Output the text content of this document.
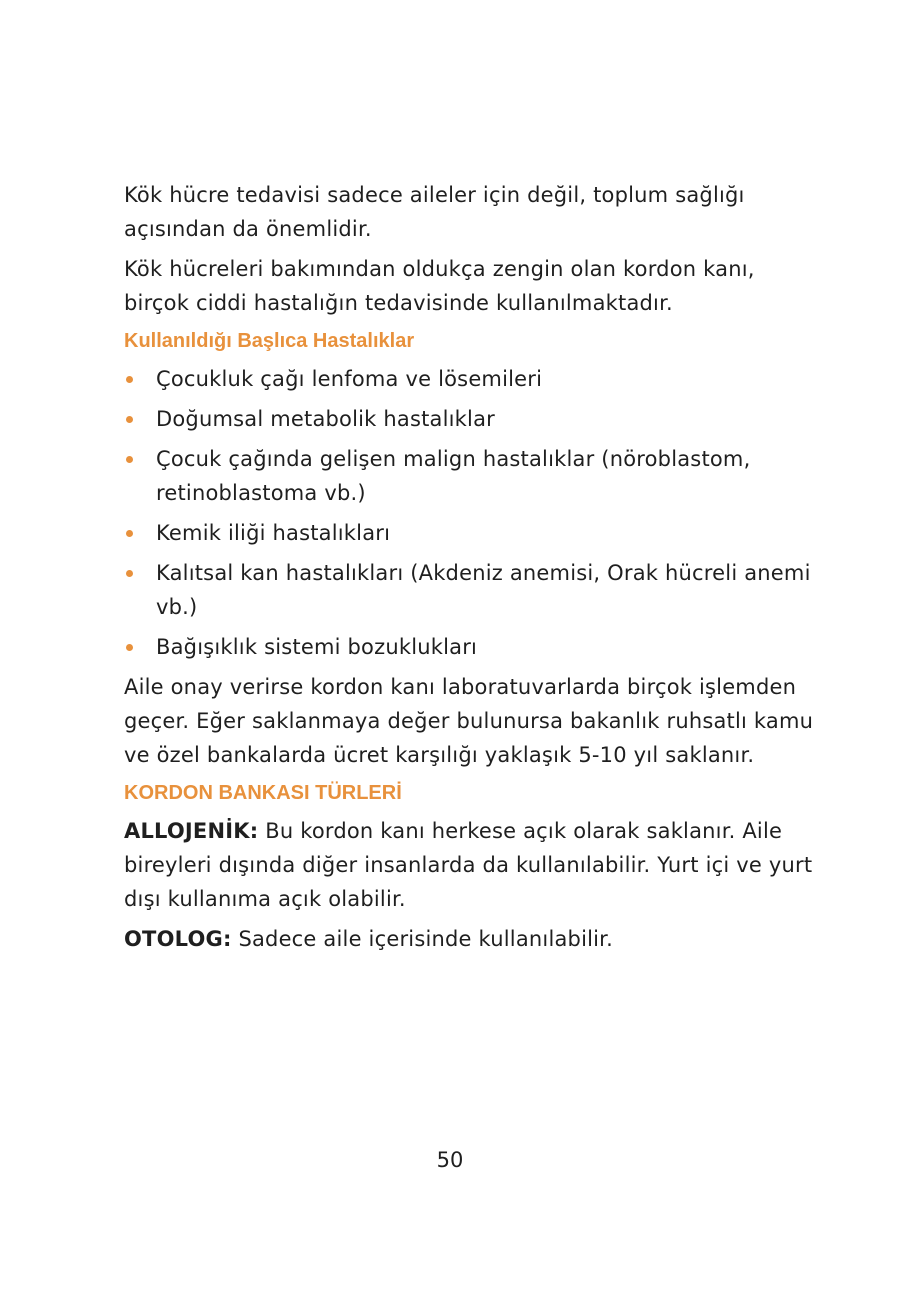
Kök hücre tedavisi sadece aileler için değil, toplum sağlığı açısından da önemlidir.

Kök hücreleri bakımından oldukça zengin olan kordon kanı, birçok ciddi hastalığın tedavisinde kullanılmaktadır.

Kullanıldığı Başlıca Hastalıklar
Çocukluk çağı lenfoma ve lösemileri
Doğumsal metabolik hastalıklar
Çocuk çağında gelişen malign hastalıklar (nöroblastom, retinoblastoma vb.)
Kemik iliği hastalıkları
Kalıtsal kan hastalıkları (Akdeniz anemisi, Orak hücreli anemi vb.)
Bağışıklık sistemi bozuklukları

Aile onay verirse kordon kanı laboratuvarlarda birçok işlemden geçer. Eğer saklanmaya değer bulunursa bakanlık ruhsatlı kamu ve özel bankalarda ücret karşılığı yaklaşık 5-10 yıl saklanır.

KORDON BANKASI TÜRLERİ

ALLOJENİK: Bu kordon kanı herkese açık olarak saklanır. Aile bireyleri dışında diğer insanlarda da kullanılabilir. Yurt içi ve yurt dışı kullanıma açık olabilir.

OTOLOG: Sadece aile içerisinde kullanılabilir.

50
